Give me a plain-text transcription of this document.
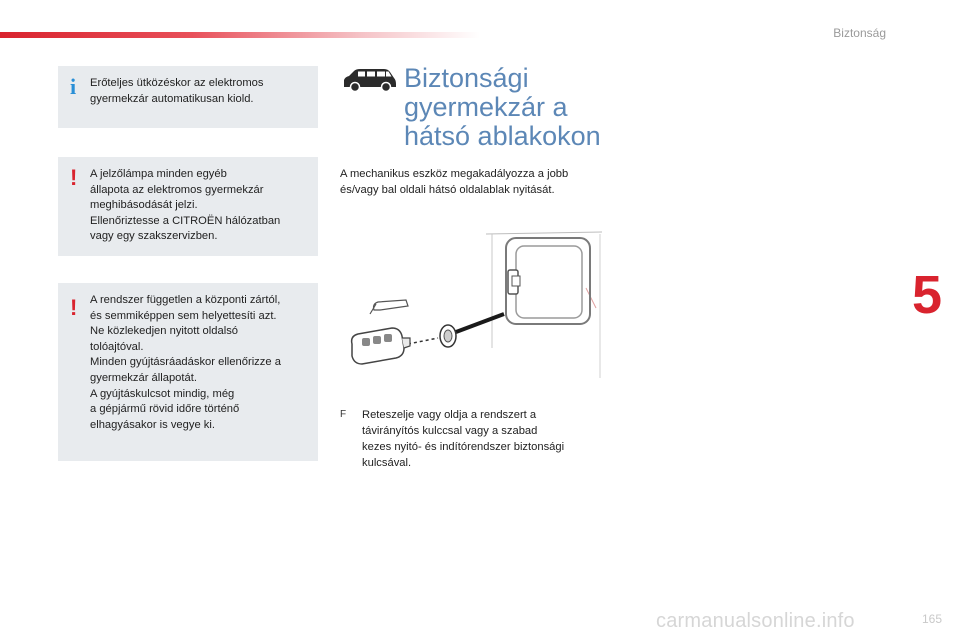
Biztonság
5
i Erőteljes ütközéskor az elektromos
gyermekzár automatikusan kiold.
! A jelzőlámpa minden egyéb
állapota az elektromos gyermekzár
meghibásodását jelzi.
Ellenőriztesse a CITROËN hálózatban
vagy egy szakszervizben.
! A rendszer független a központi zártól,
és semmiképpen sem helyettesíti azt.
Ne közlekedjen nyitott oldalsó
tolóajtóval.
Minden gyújtásráadáskor ellenőrizze a
gyermekzár állapotát.
A gyújtáskulcsot mindig, még
a gépjármű rövid időre történő
elhagyásakor is vegye ki.
Biztonsági
gyermekzár a
hátsó ablakokon
A mechanikus eszköz megakadályozza a jobb
és/vagy bal oldali hátsó oldalablak nyitását.
F Reteszelje vagy oldja a rendszert a
távirányítós kulccsal vagy a szabad
kezes nyitó- és indítórendszer biztonsági
kulcsával.
carmanualsonline.info	165
